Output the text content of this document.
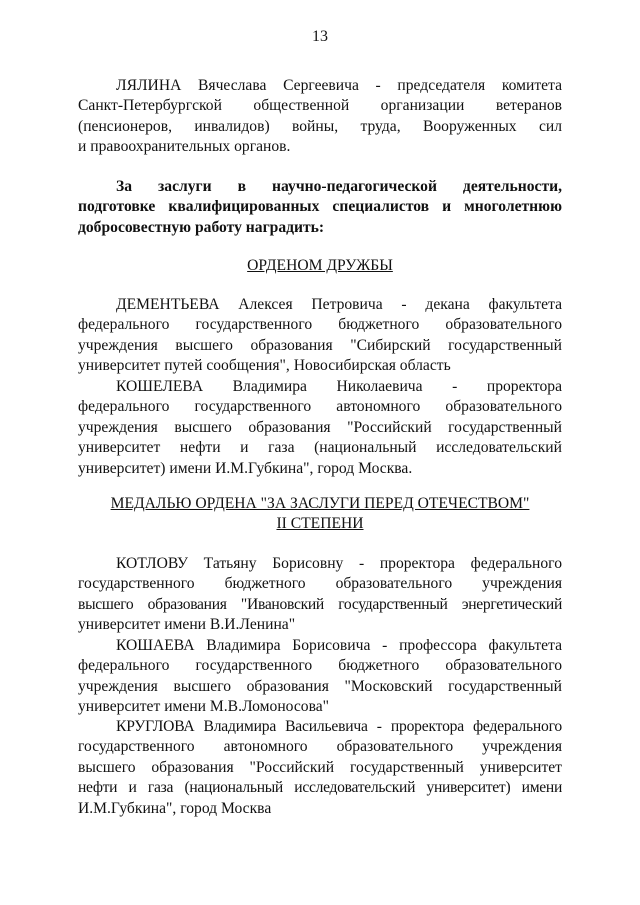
13
ЛЯЛИНА Вячеслава Сергеевича - председателя комитета
Санкт-Петербургской общественной организации ветеранов
(пенсионеров, инвалидов) войны, труда, Вооруженных сил
и правоохранительных органов.
За заслуги в научно-педагогической деятельности,
подготовке квалифицированных специалистов и многолетнюю
добросовестную работу наградить:
ОРДЕНОМ ДРУЖБЫ
ДЕМЕНТЬЕВА Алексея Петровича - декана факультета
федерального государственного бюджетного образовательного
учреждения высшего образования "Сибирский государственный
университет путей сообщения", Новосибирская область
КОШЕЛЕВА Владимира Николаевича - проректора
федерального государственного автономного образовательного
учреждения высшего образования "Российский государственный
университет нефти и газа (национальный исследовательский
университет) имени И.М.Губкина", город Москва.
МЕДАЛЬЮ ОРДЕНА "ЗА ЗАСЛУГИ ПЕРЕД ОТЕЧЕСТВОМ"
II СТЕПЕНИ
КОТЛОВУ Татьяну Борисовну - проректора федерального
государственного бюджетного образовательного учреждения
высшего образования "Ивановский государственный энергетический
университет имени В.И.Ленина"
КОШАЕВА Владимира Борисовича - профессора факультета
федерального государственного бюджетного образовательного
учреждения высшего образования "Московский государственный
университет имени М.В.Ломоносова"
КРУГЛОВА Владимира Васильевича - проректора федерального
государственного автономного образовательного учреждения
высшего образования "Российский государственный университет
нефти и газа (национальный исследовательский университет) имени
И.М.Губкина", город Москва
